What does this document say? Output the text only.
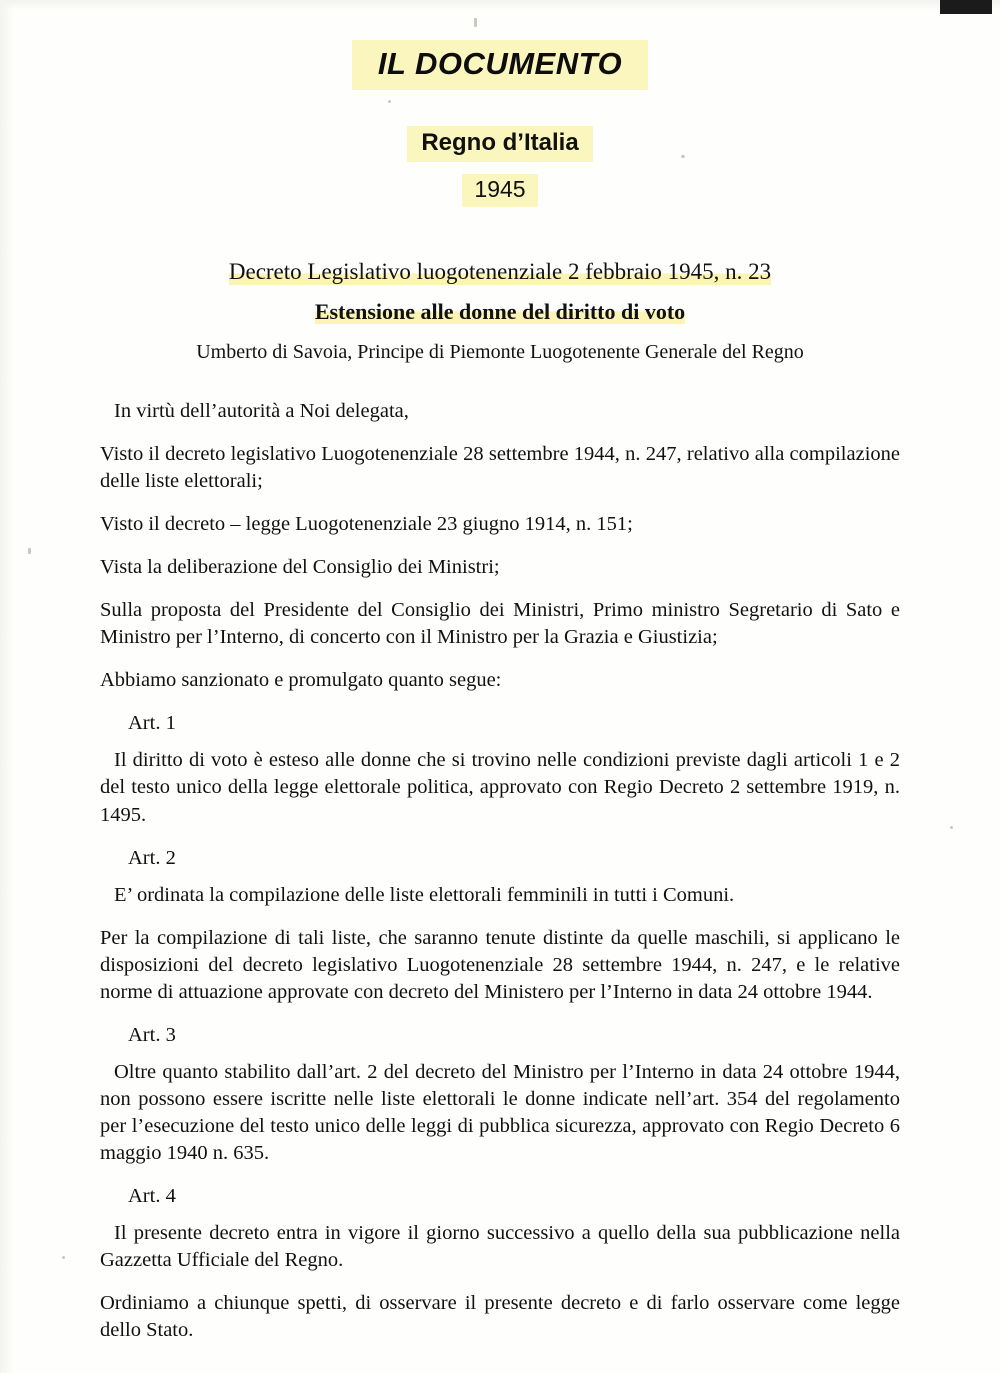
IL DOCUMENTO
Regno d’Italia
1945
Decreto Legislativo luogotenenziale 2 febbraio 1945, n. 23
Estensione alle donne del diritto di voto
Umberto di Savoia, Principe di Piemonte Luogotenente Generale del Regno

In virtù dell’autorità a Noi delegata,

Visto il decreto legislativo Luogotenenziale 28 settembre 1944, n. 247, relativo alla compilazione delle liste elettorali;

Visto il decreto – legge Luogotenenziale 23 giugno 1914, n. 151;

Vista la deliberazione del Consiglio dei Ministri;

Sulla proposta del Presidente del Consiglio dei Ministri, Primo ministro Segretario di Sato e Ministro per l’Interno, di concerto con il Ministro per la Grazia e Giustizia;

Abbiamo sanzionato e promulgato quanto segue:

Art. 1

Il diritto di voto è esteso alle donne che si trovino nelle condizioni previste dagli articoli 1 e 2 del testo unico della legge elettorale politica, approvato con Regio Decreto 2 settembre 1919, n. 1495.

Art. 2

E’ ordinata la compilazione delle liste elettorali femminili in tutti i Comuni.

Per la compilazione di tali liste, che saranno tenute distinte da quelle maschili, si applicano le disposizioni del decreto legislativo Luogotenenziale 28 settembre 1944, n. 247, e le relative norme di attuazione approvate con decreto del Ministero per l’Interno in data 24 ottobre 1944.

Art. 3

Oltre quanto stabilito dall’art. 2 del decreto del Ministro per l’Interno in data 24 ottobre 1944, non possono essere iscritte nelle liste elettorali le donne indicate nell’art. 354 del regolamento per l’esecuzione del testo unico delle leggi di pubblica sicurezza, approvato con Regio Decreto 6 maggio 1940 n. 635.

Art. 4

Il presente decreto entra in vigore il giorno successivo a quello della sua pubblicazione nella Gazzetta Ufficiale del Regno.

Ordiniamo a chiunque spetti, di osservare il presente decreto e di farlo osservare come legge dello Stato.
